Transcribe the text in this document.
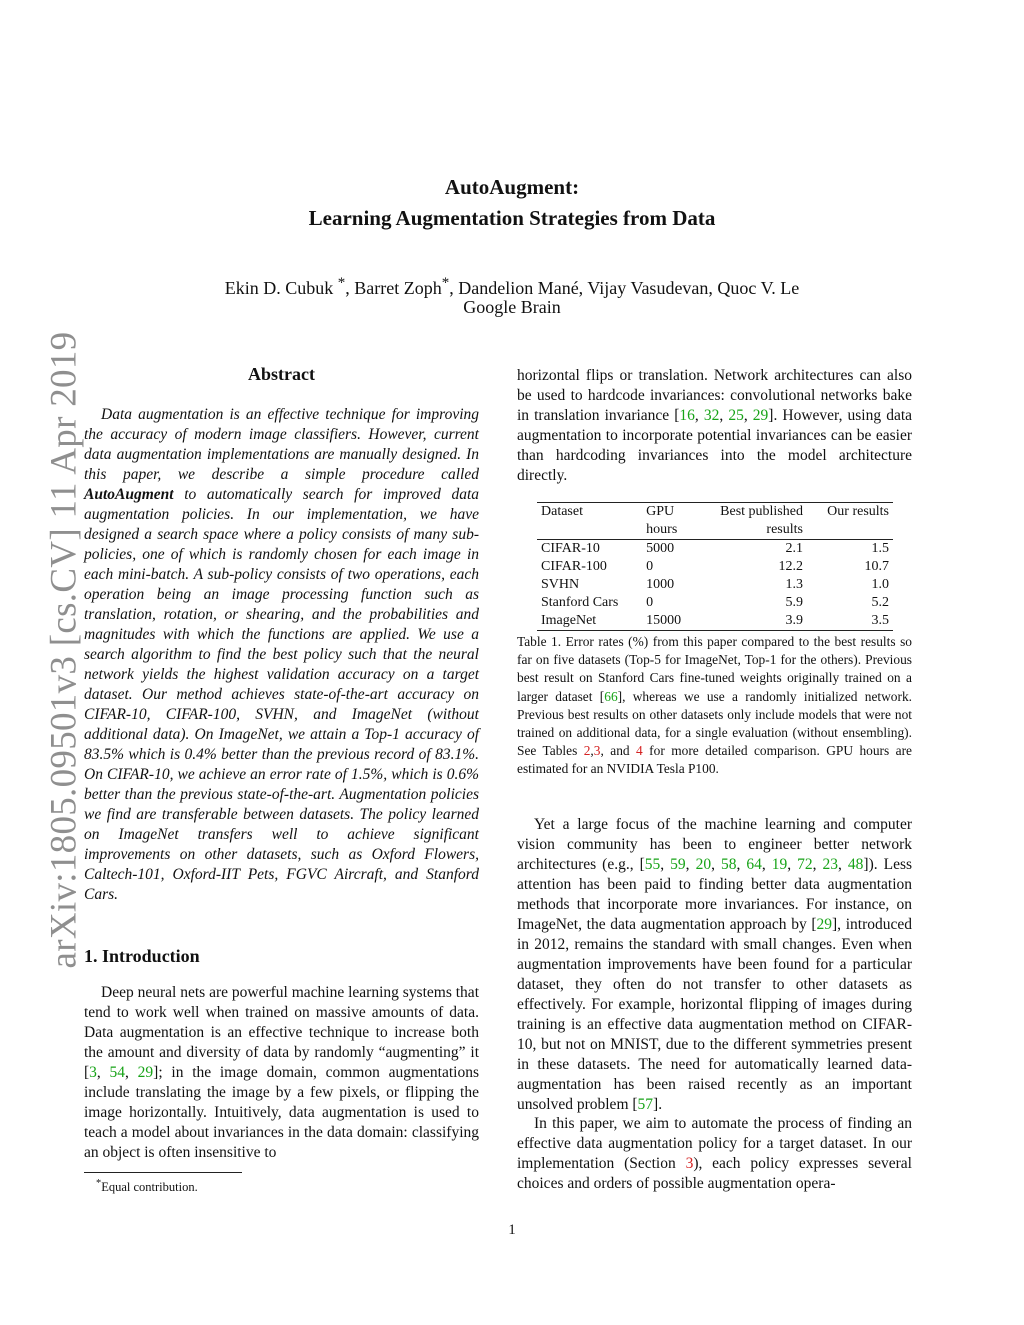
AutoAugment:
Learning Augmentation Strategies from Data
Ekin D. Cubuk *, Barret Zoph*, Dandelion Mané, Vijay Vasudevan, Quoc V. Le
Google Brain
arXiv:1805.09501v3 [cs.CV] 11 Apr 2019	Abstract

Data augmentation is an effective technique for improving the accuracy of modern image classifiers. However, current data augmentation implementations are manually designed. In this paper, we describe a simple procedure called AutoAugment to automatically search for improved data augmentation policies. In our implementation, we have designed a search space where a policy consists of many sub-policies, one of which is randomly chosen for each image in each mini-batch. A sub-policy consists of two operations, each operation being an image processing function such as translation, rotation, or shearing, and the probabilities and magnitudes with which the functions are applied. We use a search algorithm to find the best policy such that the neural network yields the highest validation accuracy on a target dataset. Our method achieves state-of-the-art accuracy on CIFAR-10, CIFAR-100, SVHN, and ImageNet (without additional data). On ImageNet, we attain a Top-1 accuracy of 83.5% which is 0.4% better than the previous record of 83.1%. On CIFAR-10, we achieve an error rate of 1.5%, which is 0.6% better than the previous state-of-the-art. Augmentation policies we find are transferable between datasets. The policy learned on ImageNet transfers well to achieve significant improvements on other datasets, such as Oxford Flowers, Caltech-101, Oxford-IIT Pets, FGVC Aircraft, and Stanford Cars.

1. Introduction

Deep neural nets are powerful machine learning systems that tend to work well when trained on massive amounts of data. Data augmentation is an effective technique to increase both the amount and diversity of data by randomly “augmenting” it [3, 54, 29]; in the image domain, common augmentations include translating the image by a few pixels, or flipping the image horizontally. Intuitively, data augmentation is used to teach a model about invariances in the data domain: classifying an object is often insensitive to

*Equal contribution.

horizontal flips or translation. Network architectures can also be used to hardcode invariances: convolutional networks bake in translation invariance [16, 32, 25, 29]. However, using data augmentation to incorporate potential invariances can be easier than hardcoding invariances into the model architecture directly.

Dataset	GPU	Best published	Our results
	hours	results	
CIFAR-10	5000	2.1	1.5
CIFAR-100	0	12.2	10.7
SVHN	1000	1.3	1.0
Stanford Cars	0	5.9	5.2
ImageNet	15000	3.9	3.5

Table 1. Error rates (%) from this paper compared to the best results so far on five datasets (Top-5 for ImageNet, Top-1 for the others). Previous best result on Stanford Cars fine-tuned weights originally trained on a larger dataset [66], whereas we use a randomly initialized network. Previous best results on other datasets only include models that were not trained on additional data, for a single evaluation (without ensembling). See Tables 2,3, and 4 for more detailed comparison. GPU hours are estimated for an NVIDIA Tesla P100.

Yet a large focus of the machine learning and computer vision community has been to engineer better network architectures (e.g., [55, 59, 20, 58, 64, 19, 72, 23, 48]). Less attention has been paid to finding better data augmentation methods that incorporate more invariances. For instance, on ImageNet, the data augmentation approach by [29], introduced in 2012, remains the standard with small changes. Even when augmentation improvements have been found for a particular dataset, they often do not transfer to other datasets as effectively. For example, horizontal flipping of images during training is an effective data augmentation method on CIFAR-10, but not on MNIST, due to the different symmetries present in these datasets. The need for automatically learned data-augmentation has been raised recently as an important unsolved problem [57].

In this paper, we aim to automate the process of finding an effective data augmentation policy for a target dataset. In our implementation (Section 3), each policy expresses several choices and orders of possible augmentation opera-

1
